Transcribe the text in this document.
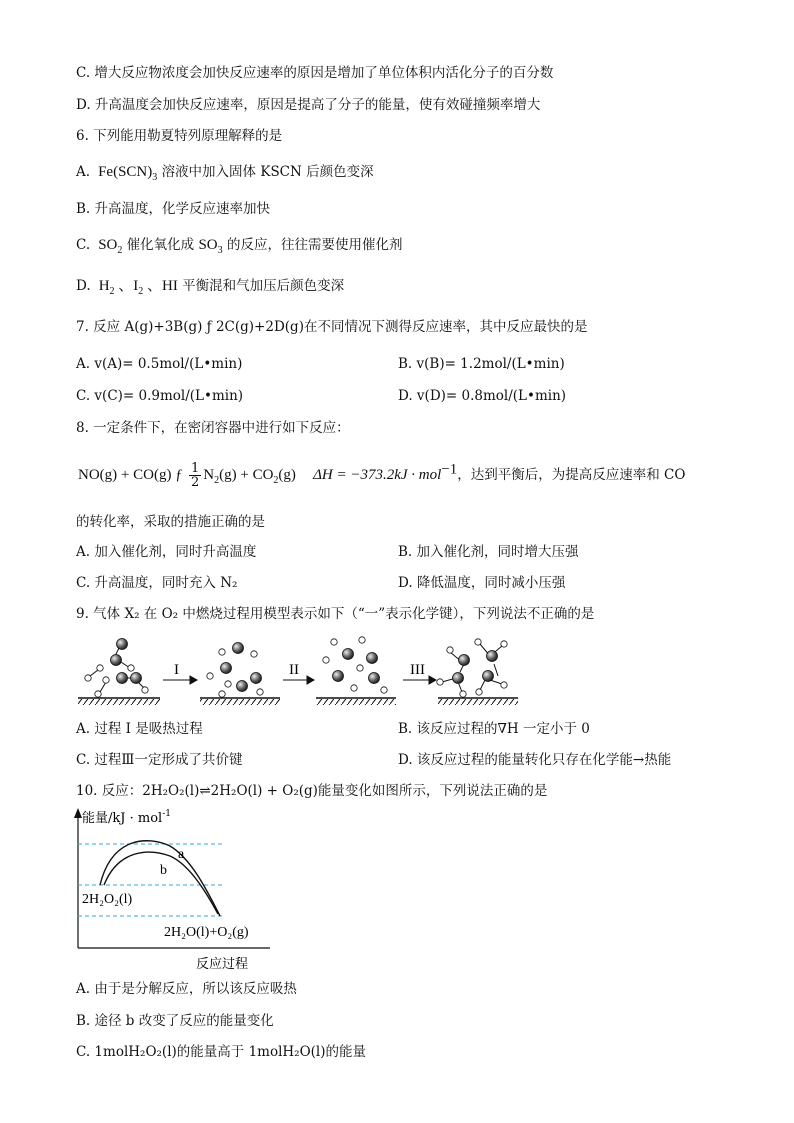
C. 增大反应物浓度会加快反应速率的原因是增加了单位体积内活化分子的百分数
D. 升高温度会加快反应速率，原因是提高了分子的能量，使有效碰撞频率增大
6. 下列能用勒夏特列原理解释的是
A.  $Fe(SCN)_3$ 溶液中加入固体 KSCN 后颜色变深
B. 升高温度，化学反应速率加快
C.  $SO_2$ 催化氧化成 $SO_3$ 的反应，往往需要使用催化剂
D.  $H_2$ 、$I_2$ 、HI 平衡混和气加压后颜色变深
7. 反应 A(g)+3B(g) ƒ 2C(g)+2D(g)在不同情况下测得反应速率，其中反应最快的是
A. v(A)= 0.5mol/(L•min)	B. v(B)= 1.2mol/(L•min)
C. v(C)= 0.9mol/(L•min)	D. v(D)= 0.8mol/(L•min)
8. 一定条件下，在密闭容器中进行如下反应：
NO(g) + CO(g) ƒ $\frac{1}{2} N_2(g) + CO_2(g) \Delta H = -373.2kJ \cdot mol^{-1}$，达到平衡后，为提高反应速率和 CO
的转化率，采取的措施正确的是
A. 加入催化剂，同时升高温度	B. 加入催化剂，同时增大压强
C. 升高温度，同时充入 N₂	D. 降低温度，同时减小压强
9. 气体 X₂ 在 O₂ 中燃烧过程用模型表示如下（“一”表示化学键），下列说法不正确的是
I	II	III
A. 过程 I 是吸热过程	B. 该反应过程的∇H 一定小于 0
C. 过程Ⅲ一定形成了共价键	D. 该反应过程的能量转化只存在化学能→热能
10. 反应：2H₂O₂(l)⇌2H₂O(l) + O₂(g)能量变化如图所示，下列说法正确的是
能量/kJ · mol$^{-1}$
a
b
2H₂O₂(l)
2H₂O(l)+O₂(g)
反应过程
A. 由于是分解反应，所以该反应吸热
B. 途径 b 改变了反应的能量变化
C. 1molH₂O₂(l)的能量高于 1molH₂O(l)的能量
